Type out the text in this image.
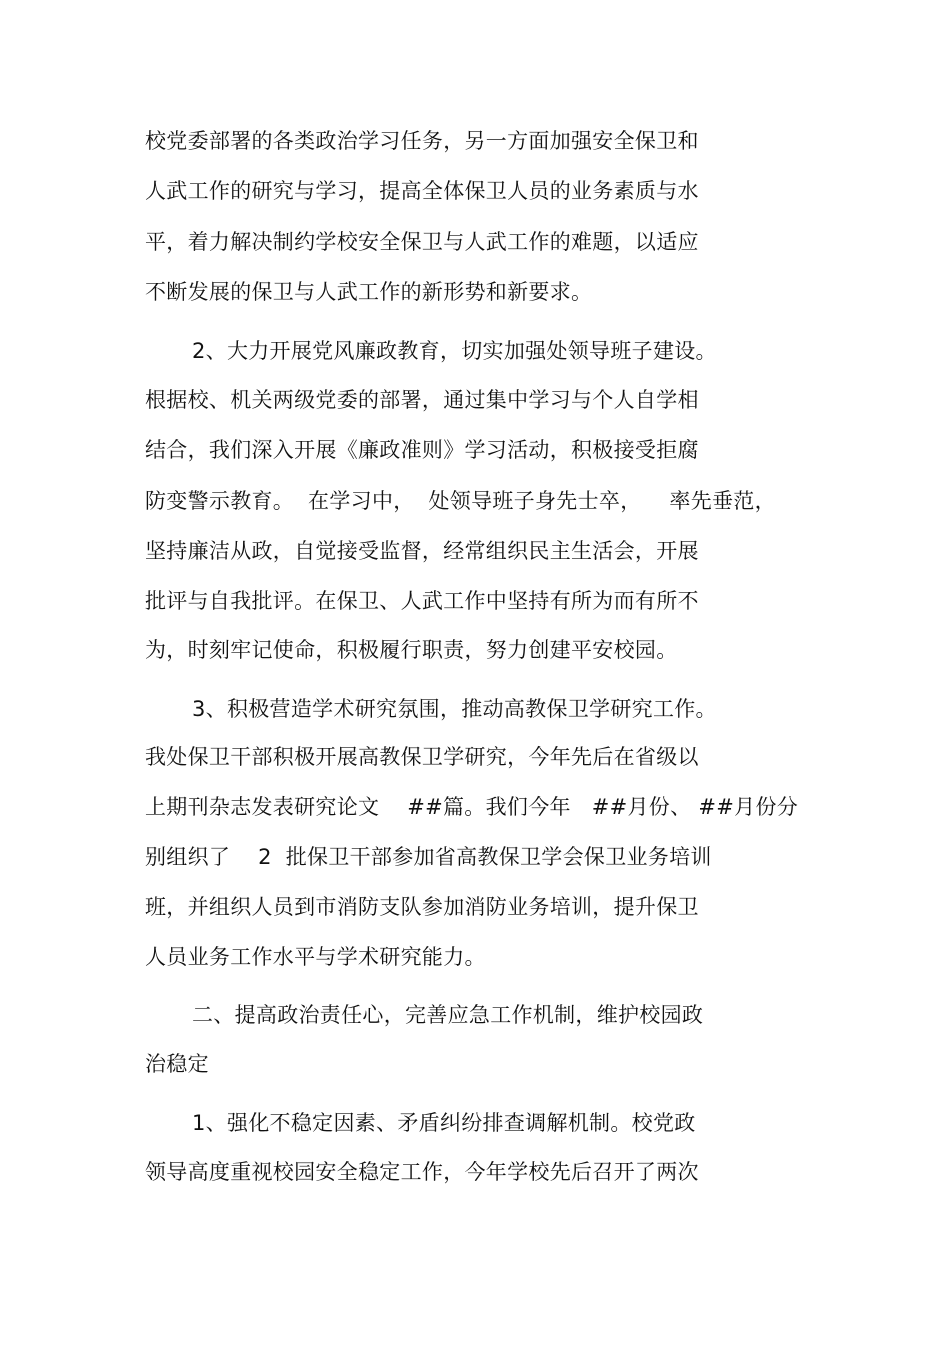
校党委部署的各类政治学习任务，另一方面加强安全保卫和
人武工作的研究与学习，提高全体保卫人员的业务素质与水
平，着力解决制约学校安全保卫与人武工作的难题，以适应
不断发展的保卫与人武工作的新形势和新要求。
2、大力开展党风廉政教育，切实加强处领导班子建设。
根据校、机关两级党委的部署，通过集中学习与个人自学相
结合，我们深入开展《廉政准则》学习活动，积极接受拒腐
防变警示教育。  在学习中，  处领导班子身先士卒，    率先垂范，
坚持廉洁从政，自觉接受监督，经常组织民主生活会，开展
批评与自我批评。在保卫、人武工作中坚持有所为而有所不
为，时刻牢记使命，积极履行职责，努力创建平安校园。
3、积极营造学术研究氛围，推动高教保卫学研究工作。
我处保卫干部积极开展高教保卫学研究，今年先后在省级以
上期刊杂志发表研究论文    ##篇。我们今年   ##月份、 ##月份分
别组织了    2  批保卫干部参加省高教保卫学会保卫业务培训
班，并组织人员到市消防支队参加消防业务培训，提升保卫
人员业务工作水平与学术研究能力。
二、提高政治责任心，完善应急工作机制，维护校园政
治稳定
1、强化不稳定因素、矛盾纠纷排查调解机制。校党政
领导高度重视校园安全稳定工作，今年学校先后召开了两次
